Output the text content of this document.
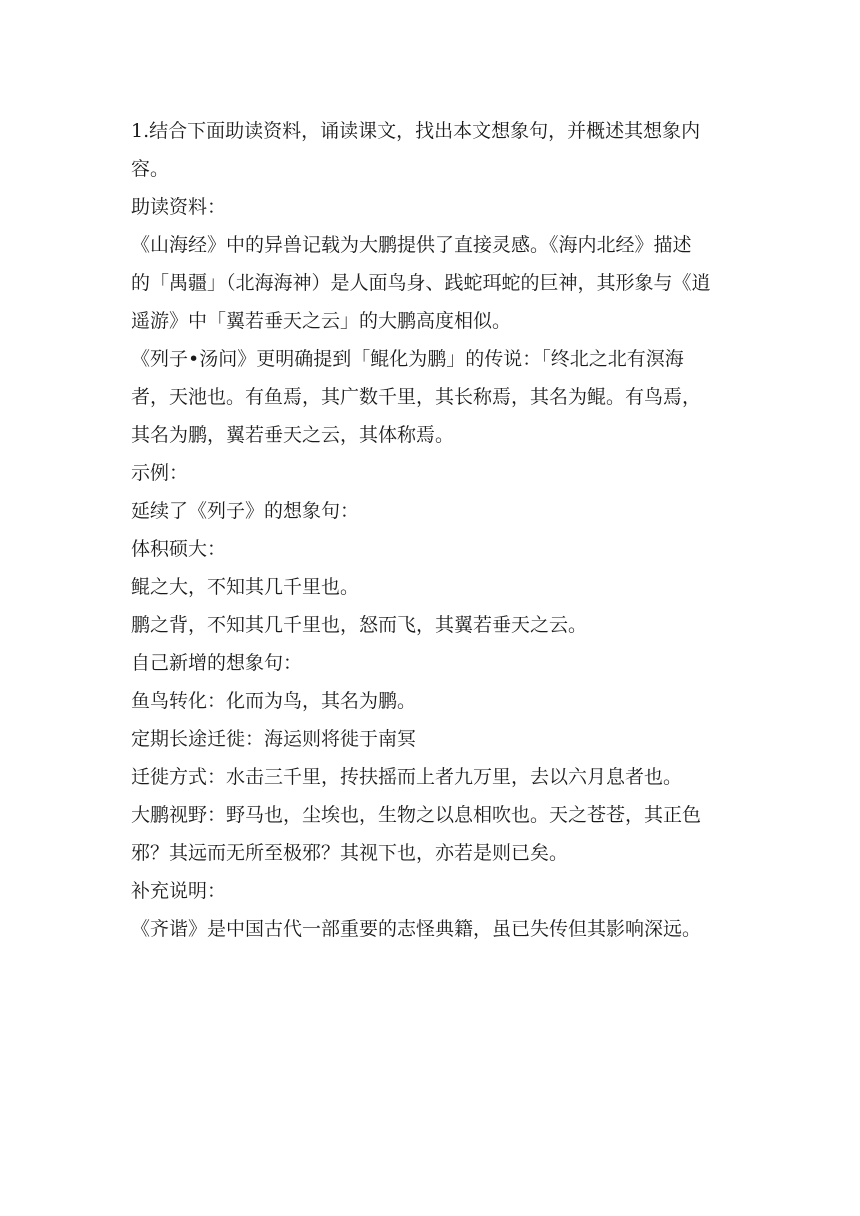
1.结合下面助读资料，诵读课文，找出本文想象句，并概述其想象内

容。

助读资料：

《山海经》中的异兽记载为大鹏提供了直接灵感。《海内北经》描述

的「禺疆」（北海海神）是人面鸟身、践蛇珥蛇的巨神，其形象与《逍

遥游》中「翼若垂天之云」的大鹏高度相似。

《列子•汤问》更明确提到「鲲化为鹏」的传说：「终北之北有溟海

者，天池也。有鱼焉，其广数千里，其长称焉，其名为鲲。有鸟焉，

其名为鹏，翼若垂天之云，其体称焉。

示例：

延续了《列子》的想象句：

体积硕大：

鲲之大，不知其几千里也。

鹏之背，不知其几千里也，怒而飞，其翼若垂天之云。

自己新增的想象句：

鱼鸟转化：化而为鸟，其名为鹏。

定期长途迁徙：海运则将徙于南冥

迁徙方式：水击三千里，抟扶摇而上者九万里，去以六月息者也。

大鹏视野：野马也，尘埃也，生物之以息相吹也。天之苍苍，其正色

邪？其远而无所至极邪？其视下也，亦若是则已矣。

补充说明：

《齐谐》是中国古代一部重要的志怪典籍，虽已失传但其影响深远。
